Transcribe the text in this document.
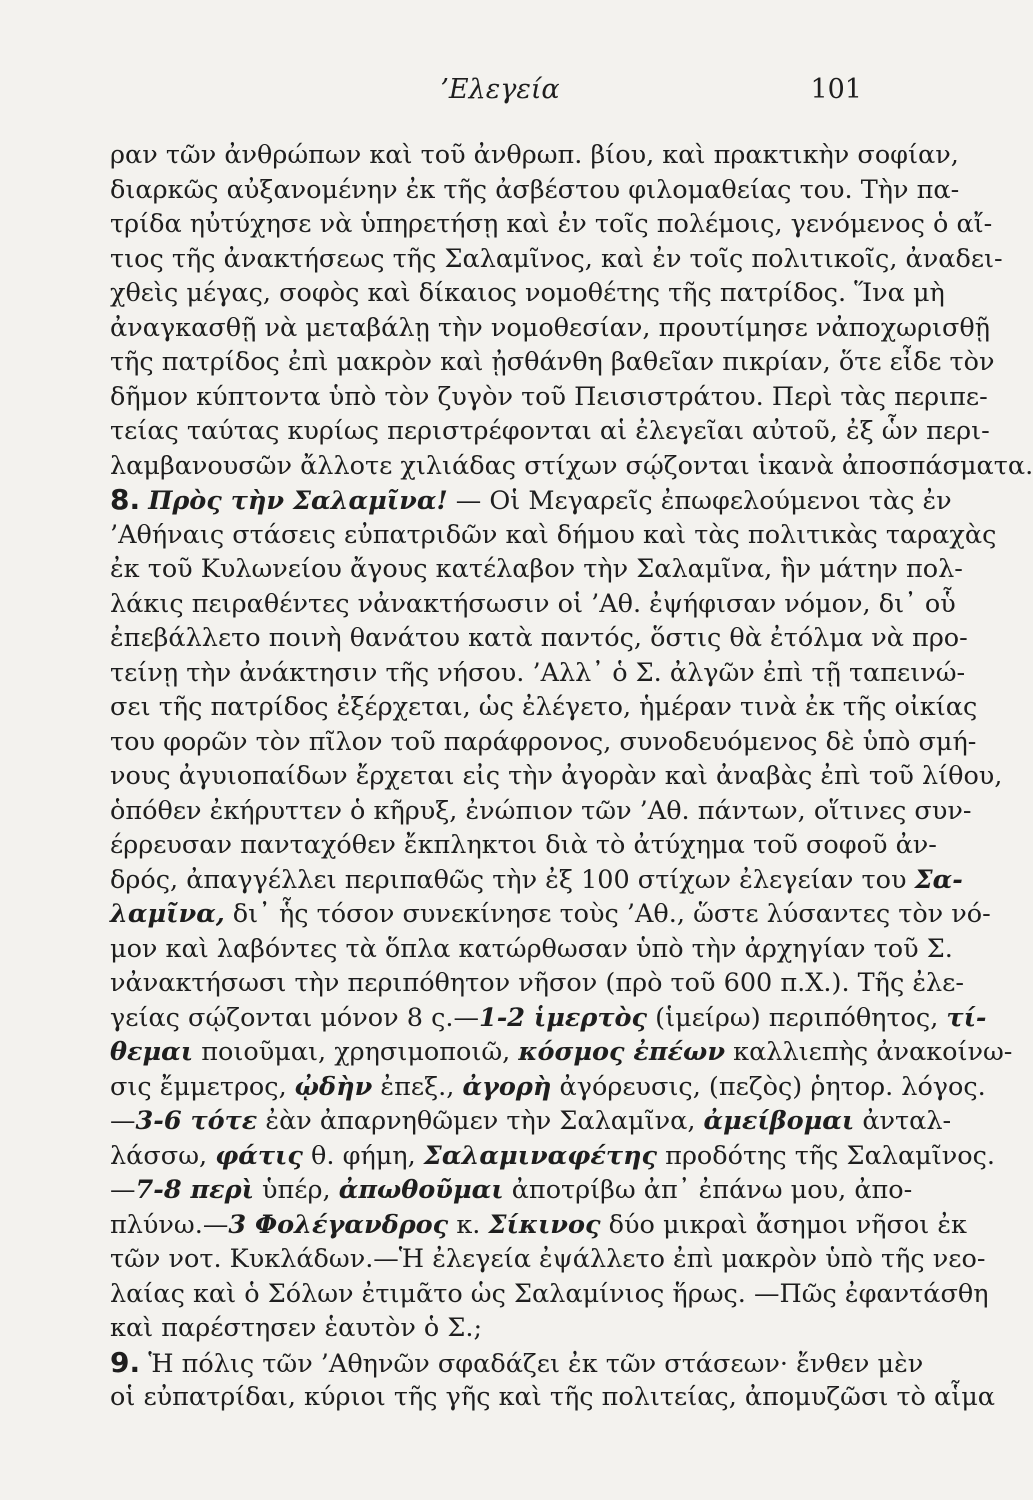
’Ελεγεία	101
ραν τῶν ἀνθρώπων καὶ τοῦ ἀνθρωπ. βίου, καὶ πρακτικὴν σοφίαν,
διαρκῶς αὐξανομένην ἐκ τῆς ἀσβέστου φιλομαθείας του. Τὴν πα-
τρίδα ηὐτύχησε νὰ ὑπηρετήσῃ καὶ ἐν τοῖς πολέμοις, γενόμενος ὁ αἴ-
τιος τῆς ἀνακτήσεως τῆς Σαλαμῖνος, καὶ ἐν τοῖς πολιτικοῖς, ἀναδει-
χθεὶς μέγας, σοφὸς καὶ δίκαιος νομοθέτης τῆς πατρίδος. Ἵνα μὴ
ἀναγκασθῇ νὰ μεταβάλῃ τὴν νομοθεσίαν, προυτίμησε νἀποχωρισθῇ
τῆς πατρίδος ἐπὶ μακρὸν καὶ ᾐσθάνθη βαθεῖαν πικρίαν, ὅτε εἶδε τὸν
δῆμον κύπτοντα ὑπὸ τὸν ζυγὸν τοῦ Πεισιστράτου. Περὶ τὰς περιπε-
τείας ταύτας κυρίως περιστρέφονται αἱ ἐλεγεῖαι αὐτοῦ, ἐξ ὧν περι-
λαμβανουσῶν ἄλλοτε χιλιάδας στίχων σῴζονται ἱκανὰ ἀποσπάσματα.
8. Πρὸς τὴν Σαλαμῖνα! — Οἱ Μεγαρεῖς ἐπωφελούμενοι τὰς ἐν
’Αθήναις στάσεις εὐπατριδῶν καὶ δήμου καὶ τὰς πολιτικὰς ταραχὰς
ἐκ τοῦ Κυλωνείου ἄγους κατέλαβον τὴν Σαλαμῖνα, ἣν μάτην πολ-
λάκις πειραθέντες νἀνακτήσωσιν οἱ ’Αθ. ἐψήφισαν νόμον, δι᾽ οὗ
ἐπεβάλλετο ποινὴ θανάτου κατὰ παντός, ὅστις θὰ ἐτόλμα νὰ προ-
τείνῃ τὴν ἀνάκτησιν τῆς νήσου. ’Αλλ᾽ ὁ Σ. ἀλγῶν ἐπὶ τῇ ταπεινώ-
σει τῆς πατρίδος ἐξέρχεται, ὡς ἐλέγετο, ἡμέραν τινὰ ἐκ τῆς οἰκίας
του φορῶν τὸν πῖλον τοῦ παράφρονος, συνοδευόμενος δὲ ὑπὸ σμή-
νους ἀγυιοπαίδων ἔρχεται εἰς τὴν ἀγορὰν καὶ ἀναβὰς ἐπὶ τοῦ λίθου,
ὁπόθεν ἐκήρυττεν ὁ κῆρυξ, ἐνώπιον τῶν ’Αθ. πάντων, οἵτινες συν-
έρρευσαν πανταχόθεν ἔκπληκτοι διὰ τὸ ἀτύχημα τοῦ σοφοῦ ἀν-
δρός, ἀπαγγέλλει περιπαθῶς τὴν ἐξ 100 στίχων ἐλεγείαν του Σα-
λαμῖνα, δι᾽ ἧς τόσον συνεκίνησε τοὺς ’Αθ., ὥστε λύσαντες τὸν νό-
μον καὶ λαβόντες τὰ ὅπλα κατώρθωσαν ὑπὸ τὴν ἀρχηγίαν τοῦ Σ.
νἀνακτήσωσι τὴν περιπόθητον νῆσον (πρὸ τοῦ 600 π.Χ.). Τῆς ἐλε-
γείας σῴζονται μόνον 8 ς.—1-2 ἱμερτὸς (ἱμείρω) περιπόθητος, τί-
θεμαι ποιοῦμαι, χρησιμοποιῶ, κόσμος ἐπέων καλλιεπὴς ἀνακοίνω-
σις ἔμμετρος, ᾠδὴν ἐπεξ., ἀγορὴ ἀγόρευσις, (πεζὸς) ῥητορ. λόγος.
—3-6 τότε ἐὰν ἀπαρνηθῶμεν τὴν Σαλαμῖνα, ἀμείβομαι ἀνταλ-
λάσσω, φάτις θ. φήμη, Σαλαμιναφέτης προδότης τῆς Σαλαμῖνος.
—7-8 περὶ ὑπέρ, ἀπωθοῦμαι ἀποτρίβω ἀπ᾽ ἐπάνω μου, ἀπο-
πλύνω.—3 Φολέγανδρος κ. Σίκινος δύο μικραὶ ἄσημοι νῆσοι ἐκ
τῶν νοτ. Κυκλάδων.—Ἡ ἐλεγεία ἐψάλλετο ἐπὶ μακρὸν ὑπὸ τῆς νεο-
λαίας καὶ ὁ Σόλων ἐτιμᾶτο ὡς Σαλαμίνιος ἥρως. —Πῶς ἐφαντάσθη
καὶ παρέστησεν ἑαυτὸν ὁ Σ.;
9. Ἡ πόλις τῶν ’Αθηνῶν σφαδάζει ἐκ τῶν στάσεων· ἔνθεν μὲν
οἱ εὐπατρίδαι, κύριοι τῆς γῆς καὶ τῆς πολιτείας, ἀπομυζῶσι τὸ αἷμα
